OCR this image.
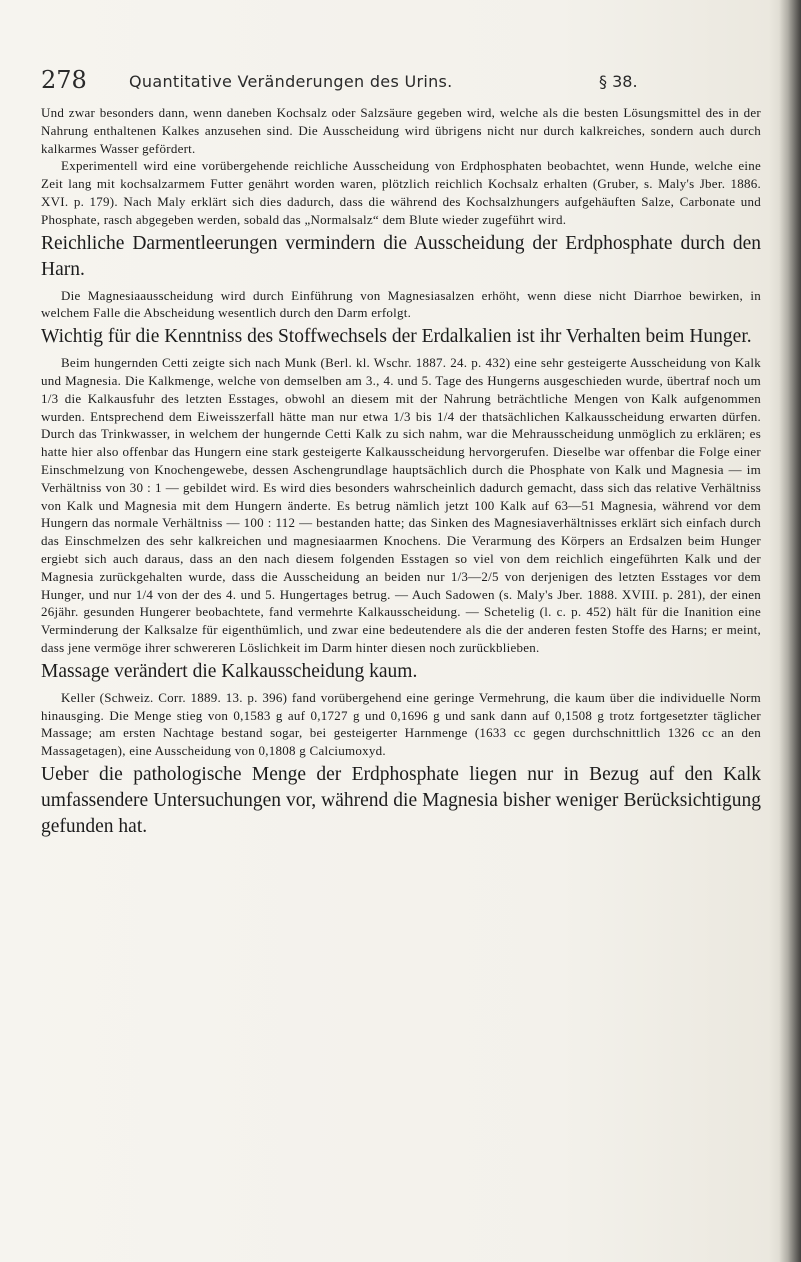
278	Quantitative Veränderungen des Urins.	§ 38.

Und zwar besonders dann, wenn daneben Kochsalz oder Salzsäure gegeben wird, welche als die besten Lösungsmittel des in der Nahrung enthaltenen Kalkes anzusehen sind. Die Ausscheidung wird übrigens nicht nur durch kalkreiches, sondern auch durch kalkarmes Wasser gefördert.

Experimentell wird eine vorübergehende reichliche Ausscheidung von Erdphosphaten beobachtet, wenn Hunde, welche eine Zeit lang mit kochsalzarmem Futter genährt worden waren, plötzlich reichlich Kochsalz erhalten (Gruber, s. Maly's Jber. 1886. XVI. p. 179). Nach Maly erklärt sich dies dadurch, dass die während des Kochsalzhungers aufgehäuften Salze, Carbonate und Phosphate, rasch abgegeben werden, sobald das „Normalsalz“ dem Blute wieder zugeführt wird.

Reichliche Darmentleerungen vermindern die Ausscheidung der Erdphosphate durch den Harn.

Die Magnesiaausscheidung wird durch Einführung von Magnesiasalzen erhöht, wenn diese nicht Diarrhoe bewirken, in welchem Falle die Abscheidung wesentlich durch den Darm erfolgt.

Wichtig für die Kenntniss des Stoffwechsels der Erdalkalien ist ihr Verhalten beim Hunger.

Beim hungernden Cetti zeigte sich nach Munk (Berl. kl. Wschr. 1887. 24. p. 432) eine sehr gesteigerte Ausscheidung von Kalk und Magnesia. Die Kalkmenge, welche von demselben am 3., 4. und 5. Tage des Hungerns ausgeschieden wurde, übertraf noch um 1/3 die Kalkausfuhr des letzten Esstages, obwohl an diesem mit der Nahrung beträchtliche Mengen von Kalk aufgenommen wurden. Entsprechend dem Eiweisszerfall hätte man nur etwa 1/3 bis 1/4 der thatsächlichen Kalkausscheidung erwarten dürfen. Durch das Trinkwasser, in welchem der hungernde Cetti Kalk zu sich nahm, war die Mehrausscheidung unmöglich zu erklären; es hatte hier also offenbar das Hungern eine stark gesteigerte Kalkausscheidung hervorgerufen. Dieselbe war offenbar die Folge einer Einschmelzung von Knochengewebe, dessen Aschengrundlage hauptsächlich durch die Phosphate von Kalk und Magnesia — im Verhältniss von 30 : 1 — gebildet wird. Es wird dies besonders wahrscheinlich dadurch gemacht, dass sich das relative Verhältniss von Kalk und Magnesia mit dem Hungern änderte. Es betrug nämlich jetzt 100 Kalk auf 63—51 Magnesia, während vor dem Hungern das normale Verhältniss — 100 : 112 — bestanden hatte; das Sinken des Magnesiaverhältnisses erklärt sich einfach durch das Einschmelzen des sehr kalkreichen und magnesiaarmen Knochens. Die Verarmung des Körpers an Erdsalzen beim Hunger ergiebt sich auch daraus, dass an den nach diesem folgenden Esstagen so viel von dem reichlich eingeführten Kalk und der Magnesia zurückgehalten wurde, dass die Ausscheidung an beiden nur 1/3—2/5 von derjenigen des letzten Esstages vor dem Hunger, und nur 1/4 von der des 4. und 5. Hungertages betrug. — Auch Sadowen (s. Maly's Jber. 1888. XVIII. p. 281), der einen 26jähr. gesunden Hungerer beobachtete, fand vermehrte Kalkausscheidung. — Schetelig (l. c. p. 452) hält für die Inanition eine Verminderung der Kalksalze für eigenthümlich, und zwar eine bedeutendere als die der anderen festen Stoffe des Harns; er meint, dass jene vermöge ihrer schwereren Löslichkeit im Darm hinter diesen noch zurückblieben.

Massage verändert die Kalkausscheidung kaum.

Keller (Schweiz. Corr. 1889. 13. p. 396) fand vorübergehend eine geringe Vermehrung, die kaum über die individuelle Norm hinausging. Die Menge stieg von 0,1583 g auf 0,1727 g und 0,1696 g und sank dann auf 0,1508 g trotz fortgesetzter täglicher Massage; am ersten Nachtage bestand sogar, bei gesteigerter Harnmenge (1633 cc gegen durchschnittlich 1326 cc an den Massagetagen), eine Ausscheidung von 0,1808 g Calciumoxyd.

Ueber die pathologische Menge der Erdphosphate liegen nur in Bezug auf den Kalk umfassendere Untersuchungen vor, während die Magnesia bisher weniger Berücksichtigung gefunden hat.
